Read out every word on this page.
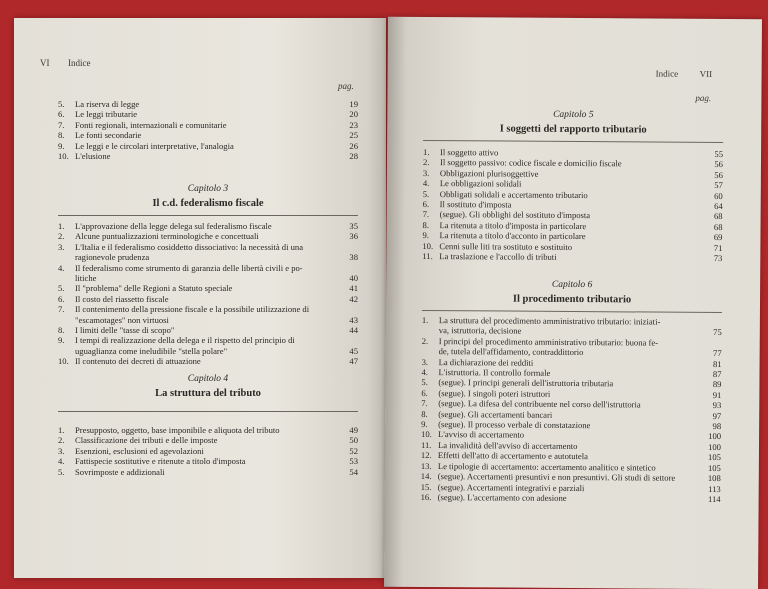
VI Indice
pag.
5. La riserva di legge	19
6. Le leggi tributarie	20
7. Fonti regionali, internazionali e comunitarie	23
8. Le fonti secondarie	25
9. Le leggi e le circolari interpretative, l'analogia	26
10. L'elusione	28
Capitolo 3
Il c.d. federalismo fiscale
1. L'approvazione della legge delega sul federalismo fiscale	35
2. Alcune puntualizzazioni terminologiche e concettuali	36
3. L'Italia e il federalismo cosiddetto dissociativo: la necessità di una
ragionevole prudenza	38
4. Il federalismo come strumento di garanzia delle libertà civili e po-
litiche	40
5. Il "problema" delle Regioni a Statuto speciale	41
6. Il costo del riassetto fiscale	42
7. Il contenimento della pressione fiscale e la possibile utilizzazione di
"escamotages" non virtuosi	43
8. I limiti delle "tasse di scopo"	44
9. I tempi di realizzazione della delega e il rispetto del principio di
uguaglianza come ineludibile "stella polare"	45
10. Il contenuto dei decreti di attuazione	47
Capitolo 4
La struttura del tributo
1. Presupposto, oggetto, base imponibile e aliquota del tributo	49
2. Classificazione dei tributi e delle imposte	50
3. Esenzioni, esclusioni ed agevolazioni	52
4. Fattispecie sostitutive e ritenute a titolo d'imposta	53
5. Sovrimposte e addizionali	54
Indice VII
pag.
Capitolo 5
I soggetti del rapporto tributario
1. Il soggetto attivo	55
2. Il soggetto passivo: codice fiscale e domicilio fiscale	56
3. Obbligazioni plurisoggettive	56
4. Le obbligazioni solidali	57
5. Obbligati solidali e accertamento tributario	60
6. Il sostituto d'imposta	64
7. (segue). Gli obblighi del sostituto d'imposta	68
8. La ritenuta a titolo d'imposta in particolare	68
9. La ritenuta a titolo d'acconto in particolare	69
10. Cenni sulle liti tra sostituto e sostituito	71
11. La traslazione e l'accollo di tributi	73
Capitolo 6
Il procedimento tributario
1. La struttura del procedimento amministrativo tributario: iniziati-
va, istruttoria, decisione	75
2. I principi del procedimento amministrativo tributario: buona fe-
de, tutela dell'affidamento, contraddittorio	77
3. La dichiarazione dei redditi	81
4. L'istruttoria. Il controllo formale	87
5. (segue). I principi generali dell'istruttoria tributaria	89
6. (segue). I singoli poteri istruttori	91
7. (segue). La difesa del contribuente nel corso dell'istruttoria	93
8. (segue). Gli accertamenti bancari	97
9. (segue). Il processo verbale di constatazione	98
10. L'avviso di accertamento	100
11. La invalidità dell'avviso di accertamento	100
12. Effetti dell'atto di accertamento e autotutela	105
13. Le tipologie di accertamento: accertamento analitico e sintetico	105
14. (segue). Accertamenti presuntivi e non presuntivi. Gli studi di settore	108
15. (segue). Accertamenti integrativi e parziali	113
16. (segue). L'accertamento con adesione	114
